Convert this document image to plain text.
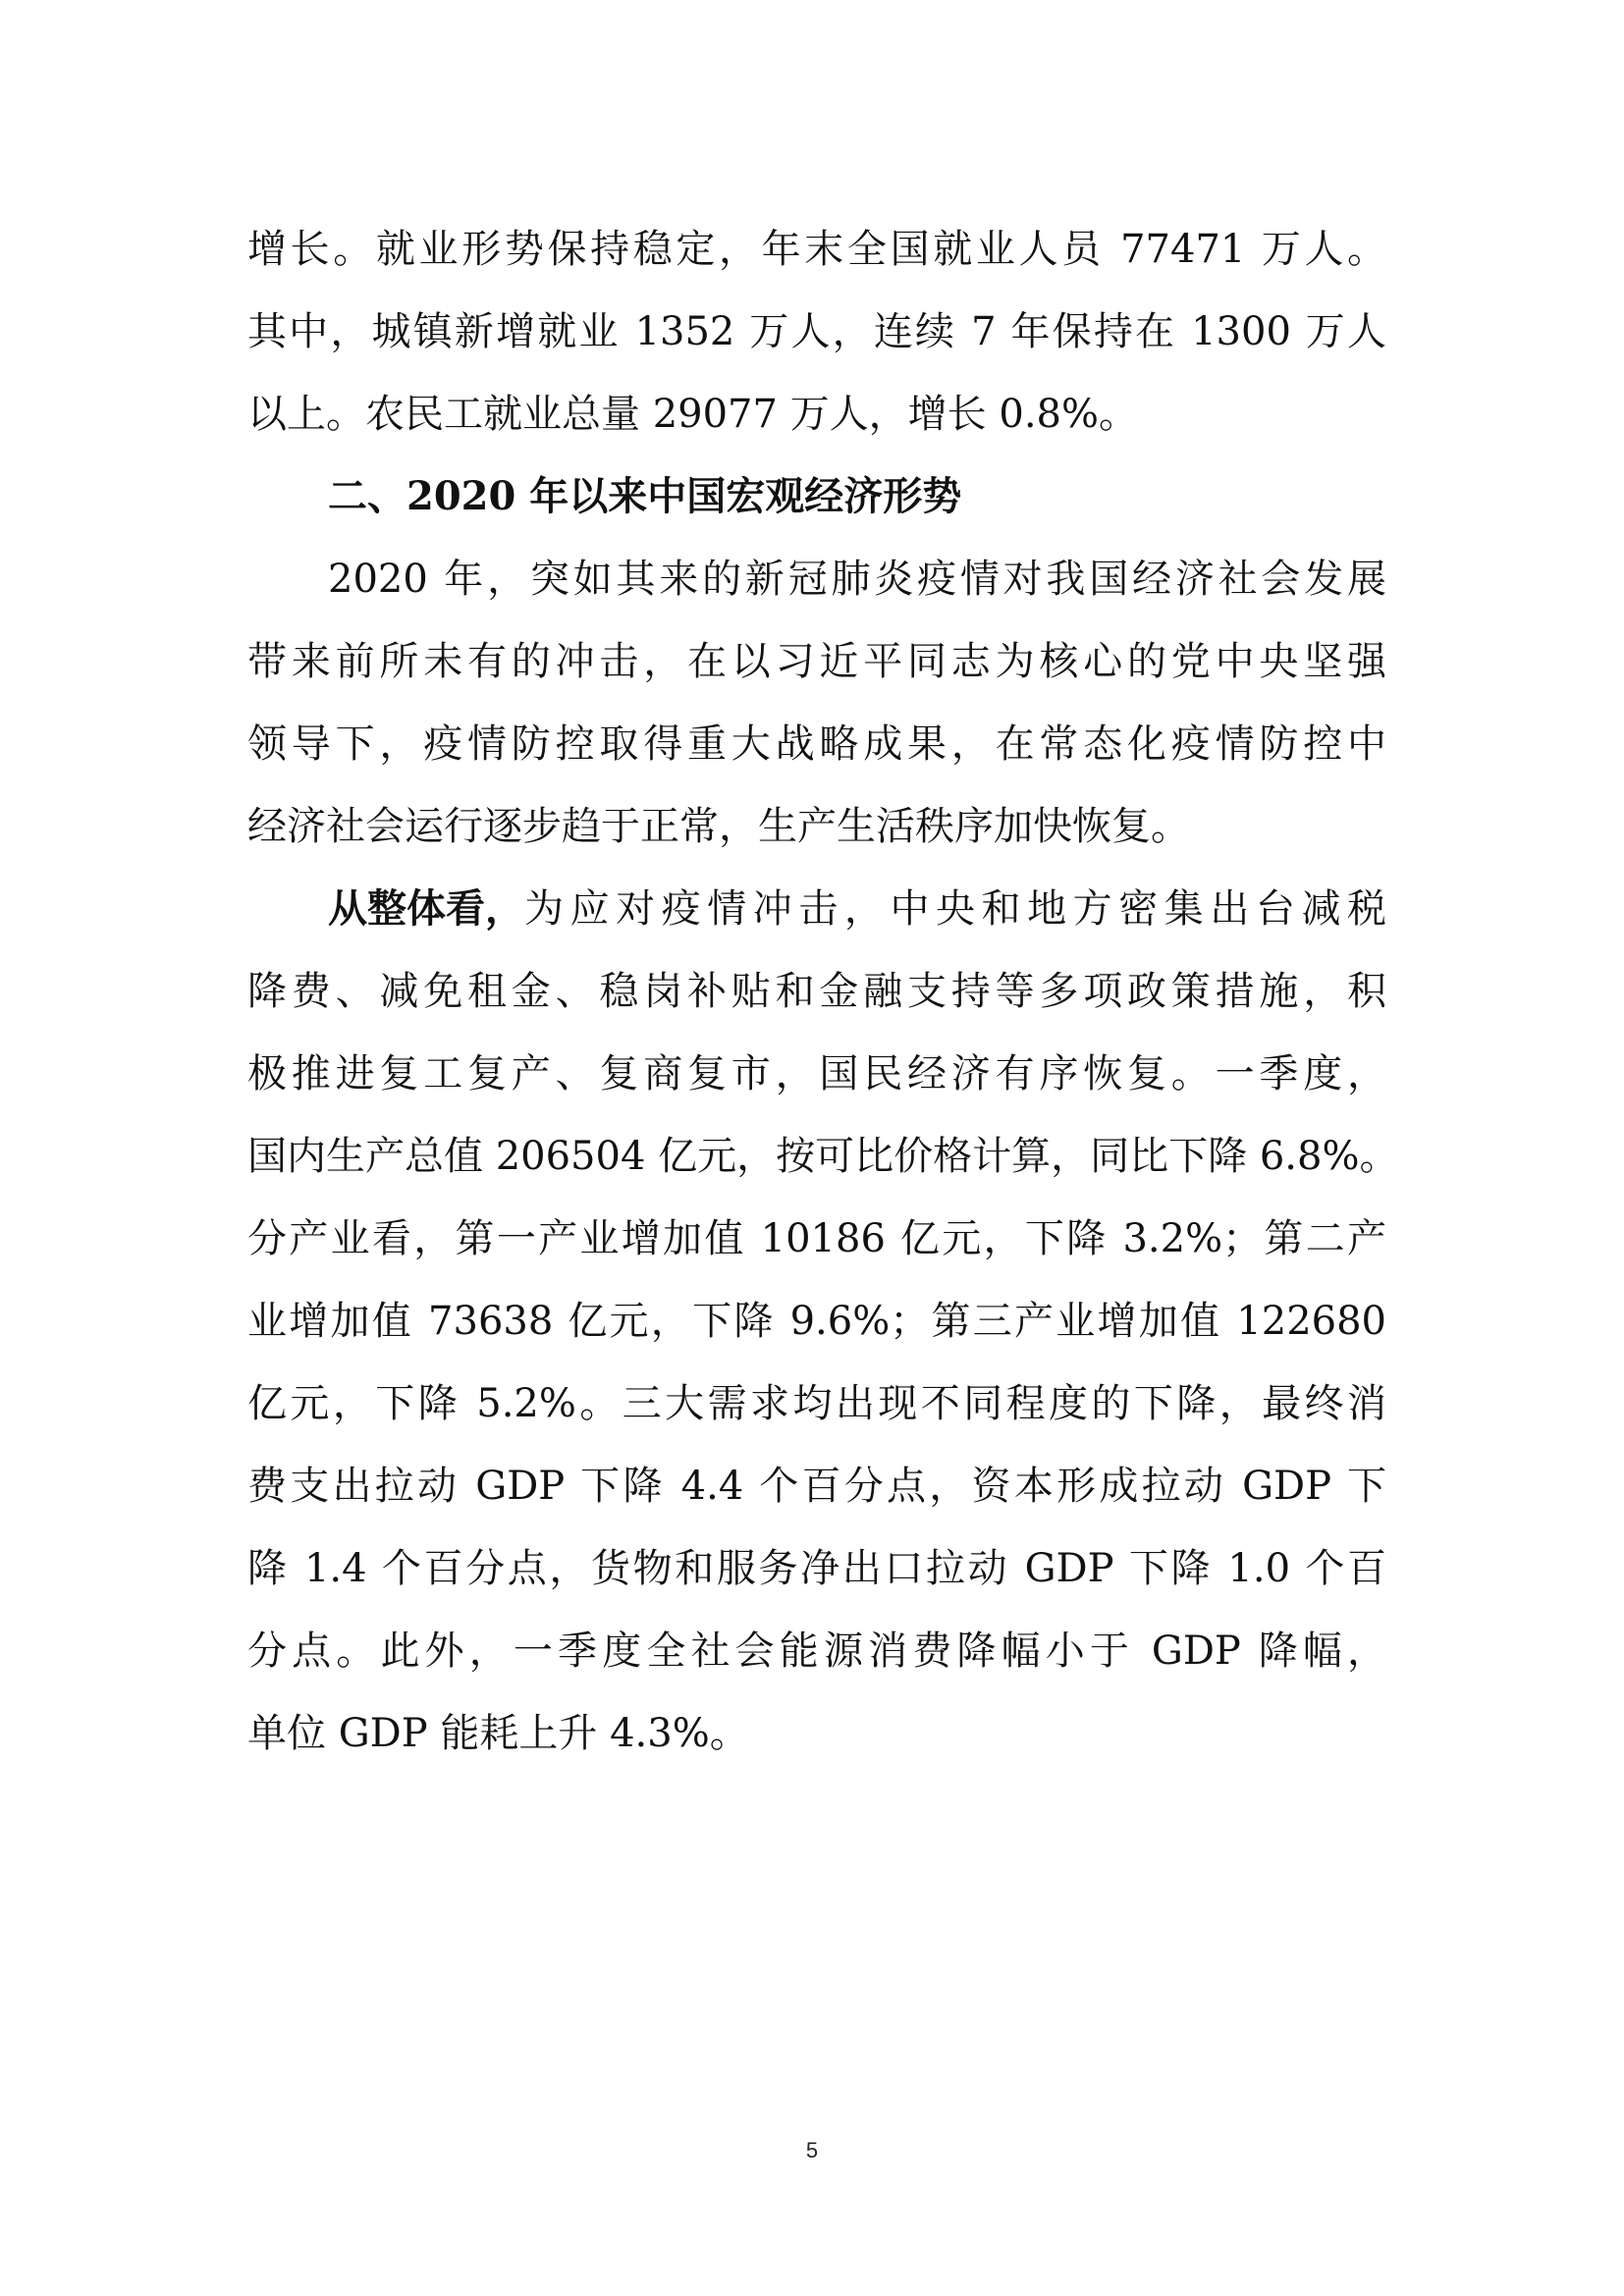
增长。就业形势保持稳定，年末全国就业人员 77471 万人。
其中，城镇新增就业 1352 万人，连续 7 年保持在 1300 万人
以上。农民工就业总量 29077 万人，增长 0.8%。
二、2020 年以来中国宏观经济形势
2020 年，突如其来的新冠肺炎疫情对我国经济社会发展
带来前所未有的冲击，在以习近平同志为核心的党中央坚强
领导下，疫情防控取得重大战略成果，在常态化疫情防控中
经济社会运行逐步趋于正常，生产生活秩序加快恢复。
从整体看， 为应对疫情冲击，中央和地方密集出台减税
降费、减免租金、稳岗补贴和金融支持等多项政策措施，积
极推进复工复产、复商复市，国民经济有序恢复。一季度，
国内生产总值 206504 亿元，按可比价格计算，同比下降 6.8%。
分产业看，第一产业增加值 10186 亿元，下降 3.2%；第二产
业增加值 73638 亿元，下降 9.6%；第三产业增加值 122680
亿元，下降 5.2%。三大需求均出现不同程度的下降，最终消
费支出拉动 GDP 下降 4.4 个百分点，资本形成拉动 GDP 下
降 1.4 个百分点，货物和服务净出口拉动 GDP 下降 1.0 个百
分点。此外，一季度全社会能源消费降幅小于 GDP 降幅，
单位 GDP 能耗上升 4.3%。
5
